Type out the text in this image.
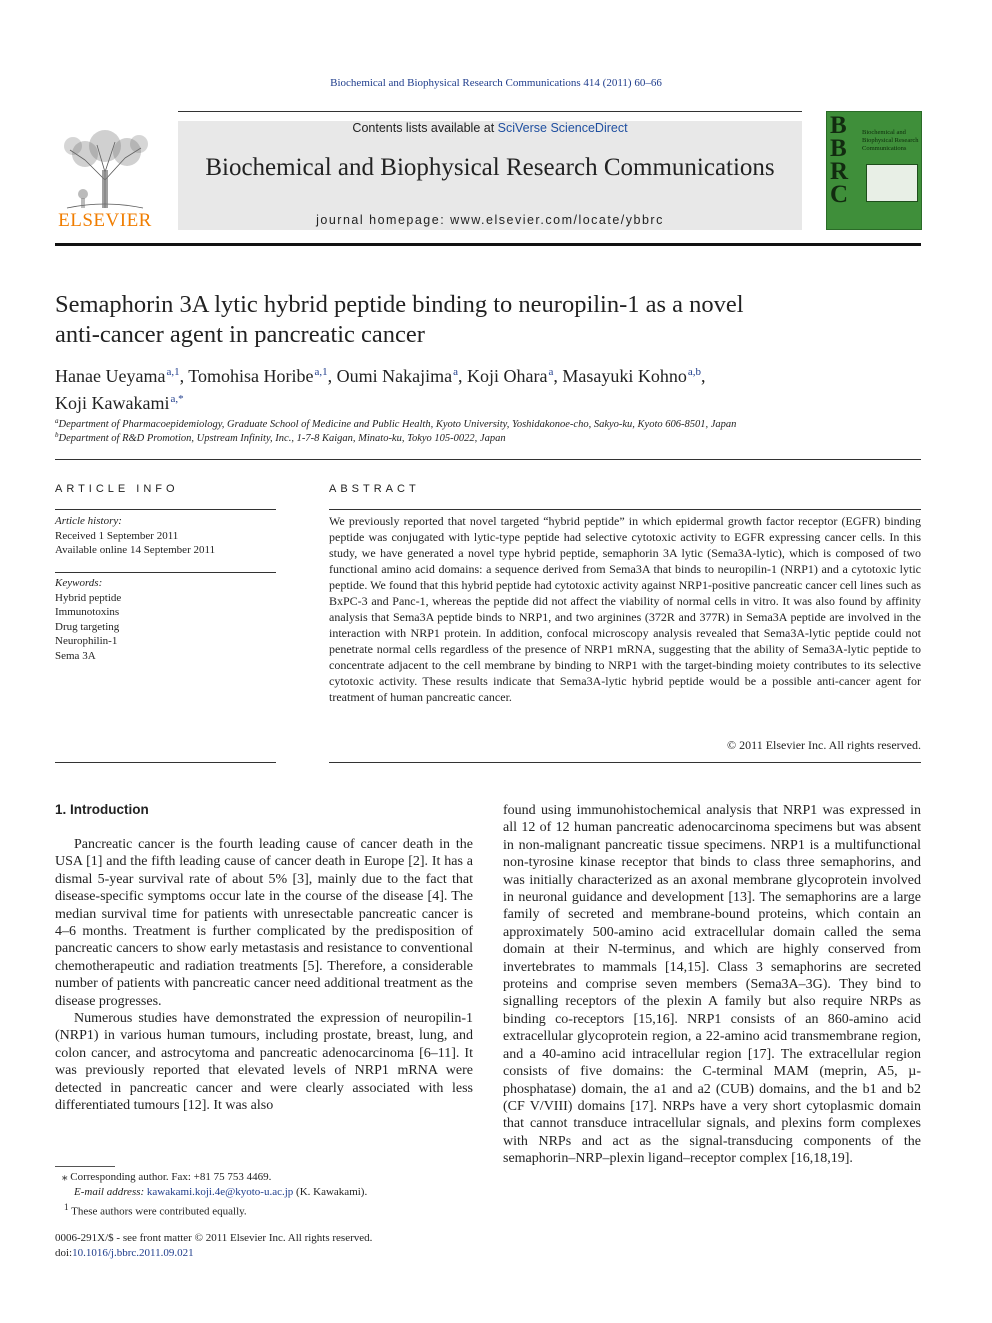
Biochemical and Biophysical Research Communications 414 (2011) 60–66
ELSEVIER
Contents lists available at SciVerse ScienceDirect
Biochemical and Biophysical Research Communications
journal homepage: www.elsevier.com/locate/ybbrc
B
B
R
C
Biochemical and Biophysical Research Communications
Semaphorin 3A lytic hybrid peptide binding to neuropilin-1 as a novel
anti-cancer agent in pancreatic cancer
Hanae Ueyama$^{a,1}$, Tomohisa Horibe$^{a,1}$, Oumi Nakajima$^a$, Koji Ohara$^a$, Masayuki Kohno$^{a,b}$,
Koji Kawakami$^{a,*}$
$^a$Department of Pharmacoepidemiology, Graduate School of Medicine and Public Health, Kyoto University, Yoshidakonoe-cho, Sakyo-ku, Kyoto 606-8501, Japan
$^b$Department of R&D Promotion, Upstream Infinity, Inc., 1-7-8 Kaigan, Minato-ku, Tokyo 105-0022, Japan
ARTICLE INFO
Article history:
Received 1 September 2011
Available online 14 September 2011
Keywords:
Hybrid peptide
Immunotoxins
Drug targeting
Neurophilin-1
Sema 3A
ABSTRACT
We previously reported that novel targeted “hybrid peptide” in which epidermal growth factor receptor (EGFR) binding peptide was conjugated with lytic-type peptide had selective cytotoxic activity to EGFR expressing cancer cells. In this study, we have generated a novel type hybrid peptide, semaphorin 3A lytic (Sema3A-lytic), which is composed of two functional amino acid domains: a sequence derived from Sema3A that binds to neuropilin-1 (NRP1) and a cytotoxic lytic peptide. We found that this hybrid peptide had cytotoxic activity against NRP1-positive pancreatic cancer cell lines such as BxPC-3 and Panc-1, whereas the peptide did not affect the viability of normal cells in vitro. It was also found by affinity analysis that Sema3A peptide binds to NRP1, and two arginines (372R and 377R) in Sema3A peptide are involved in the interaction with NRP1 protein. In addition, confocal microscopy analysis revealed that Sema3A-lytic peptide could not penetrate normal cells regardless of the presence of NRP1 mRNA, suggesting that the ability of Sema3A-lytic peptide to concentrate adjacent to the cell membrane by binding to NRP1 with the target-binding moiety contributes to its selective cytotoxic activity. These results indicate that Sema3A-lytic hybrid peptide would be a possible anti-cancer agent for treatment of human pancreatic cancer.
© 2011 Elsevier Inc. All rights reserved.
1. Introduction

Pancreatic cancer is the fourth leading cause of cancer death in the USA [1] and the fifth leading cause of cancer death in Europe [2]. It has a dismal 5-year survival rate of about 5% [3], mainly due to the fact that disease-specific symptoms occur late in the course of the disease [4]. The median survival time for patients with unresectable pancreatic cancer is 4–6 months. Treatment is further complicated by the predisposition of pancreatic cancers to show early metastasis and resistance to conventional chemotherapeutic and radiation treatments [5]. Therefore, a considerable number of patients with pancreatic cancer need additional treatment as the disease progresses.

Numerous studies have demonstrated the expression of neuropilin-1 (NRP1) in various human tumours, including prostate, breast, lung, and colon cancer, and astrocytoma and pancreatic adenocarcinoma [6–11]. It was previously reported that elevated levels of NRP1 mRNA were detected in pancreatic cancer and were clearly associated with less differentiated tumours [12]. It was also

found using immunohistochemical analysis that NRP1 was expressed in all 12 of 12 human pancreatic adenocarcinoma specimens but was absent in non-malignant pancreatic tissue specimens. NRP1 is a multifunctional non-tyrosine kinase receptor that binds to class three semaphorins, and was initially characterized as an axonal membrane glycoprotein involved in neuronal guidance and development [13]. The semaphorins are a large family of secreted and membrane-bound proteins, which contain an approximately 500-amino acid extracellular domain called the sema domain at their N-terminus, and which are highly conserved from invertebrates to mammals [14,15]. Class 3 semaphorins are secreted proteins and comprise seven members (Sema3A–3G). They bind to signalling receptors of the plexin A family but also require NRPs as binding co-receptors [15,16]. NRP1 consists of an 860-amino acid extracellular glycoprotein region, a 22-amino acid transmembrane region, and a 40-amino acid intracellular region [17]. The extracellular region consists of five domains: the C-terminal MAM (meprin, A5, µ-phosphatase) domain, the a1 and a2 (CUB) domains, and the b1 and b2 (CF V/VIII) domains [17]. NRPs have a very short cytoplasmic domain that cannot transduce intracellular signals, and plexins form complexes with NRPs and act as the signal-transducing components of the semaphorin–NRP–plexin ligand–receptor complex [16,18,19].

⁎ Corresponding author. Fax: +81 75 753 4469.
E-mail address: kawakami.koji.4e@kyoto-u.ac.jp (K. Kawakami).
$^1$ These authors were contributed equally.
0006-291X/$ - see front matter © 2011 Elsevier Inc. All rights reserved.
doi:10.1016/j.bbrc.2011.09.021
